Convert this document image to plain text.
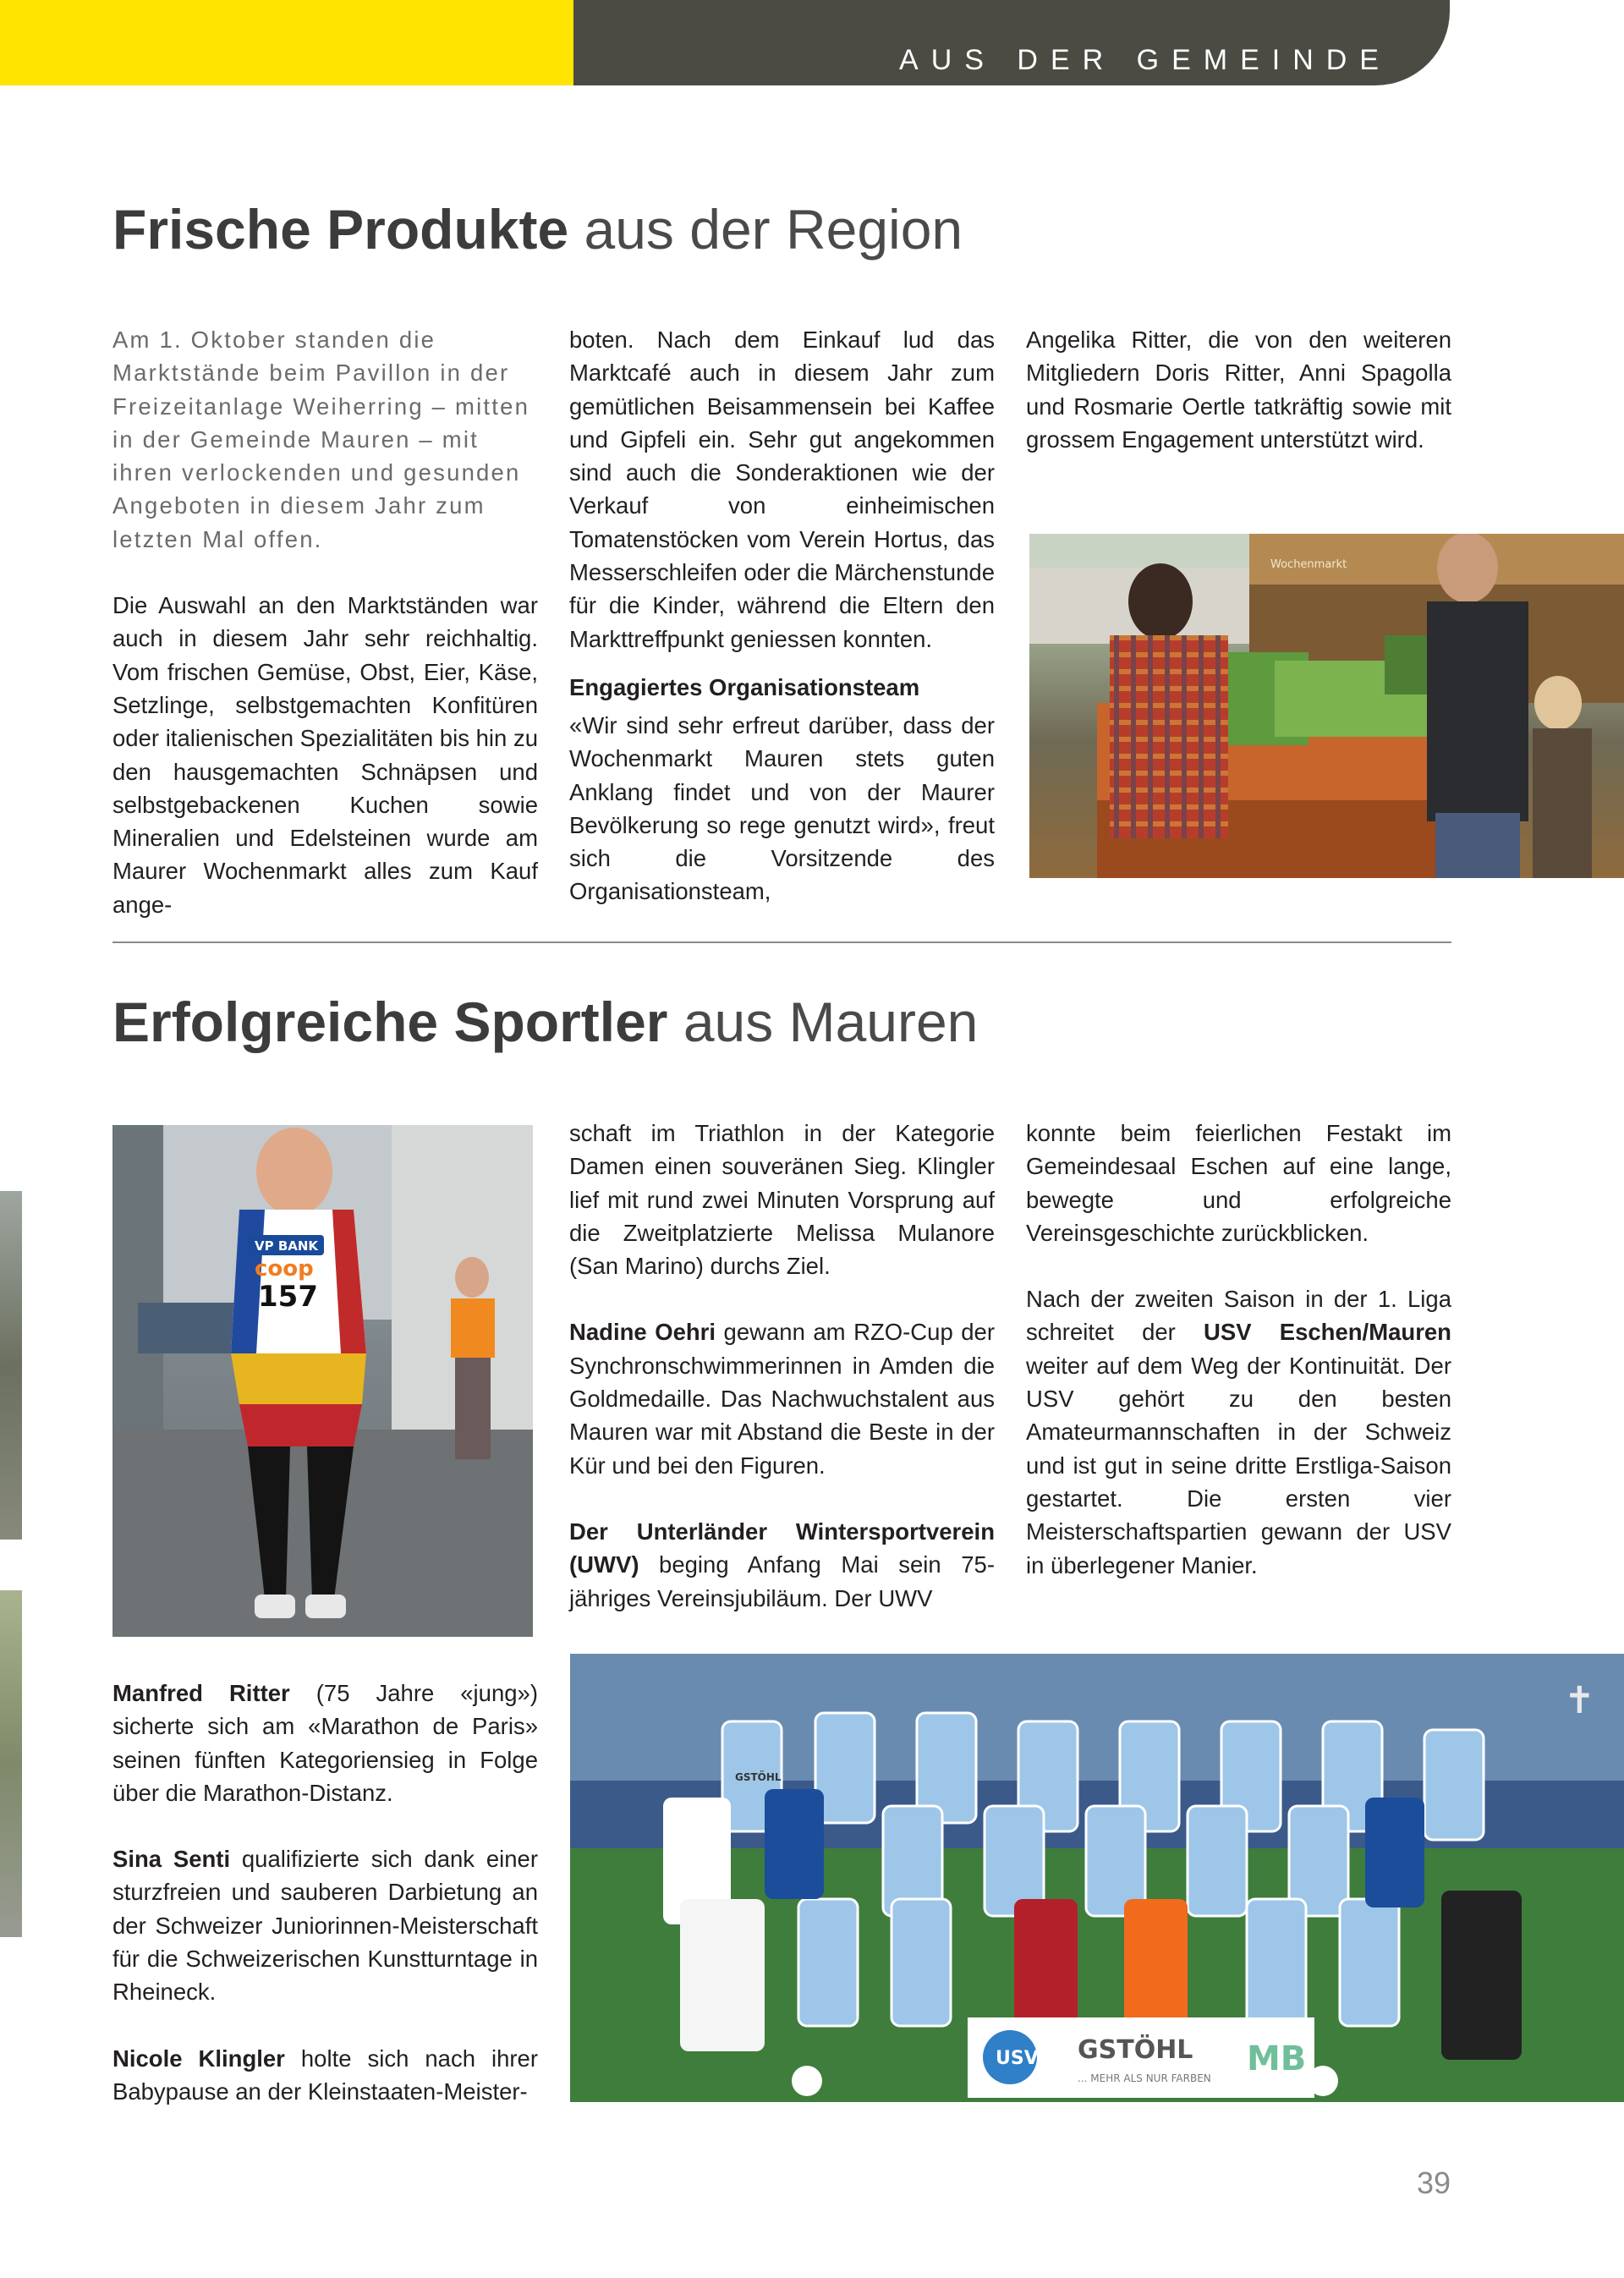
AUS DER GEMEINDE
Frische Produkte aus der Region

Am 1. Oktober standen die Marktstände beim Pavillon in der Freizeitanlage Weiherring – mitten in der Gemeinde Mauren – mit ihren verlockenden und gesunden Angeboten in diesem Jahr zum letzten Mal offen.

Die Auswahl an den Marktständen war auch in diesem Jahr sehr reichhaltig. Vom frischen Gemüse, Obst, Eier, Käse, Setzlinge, selbstgemachten Konfitüren oder italienischen Spezialitäten bis hin zu den hausgemachten Schnäpsen und selbstgebackenen Kuchen sowie Mineralien und Edelsteinen wurde am Maurer Wochenmarkt alles zum Kauf ange-

boten. Nach dem Einkauf lud das Marktcafé auch in diesem Jahr zum gemütlichen Beisammensein bei Kaffee und Gipfeli ein. Sehr gut angekommen sind auch die Sonderaktionen wie der Verkauf von einheimischen Tomatenstöcken vom Verein Hortus, das Messerschleifen oder die Märchenstunde für die Kinder, während die Eltern den Markttreffpunkt geniessen konnten.

Engagiertes Organisationsteam

«Wir sind sehr erfreut darüber, dass der Wochenmarkt Mauren stets guten Anklang findet und von der Maurer Bevölkerung so rege genutzt wird», freut sich die Vorsitzende des Organisationsteam,

Angelika Ritter, die von den weiteren Mitgliedern Doris Ritter, Anni Spagolla und Rosmarie Oertle tatkräftig sowie mit grossem Engagement unterstützt wird.

Wochenmarkt
Erfolgreiche Sportler aus Mauren
VP BANK
coop
157

schaft im Triathlon in der Kategorie Damen einen souveränen Sieg. Klingler lief mit rund zwei Minuten Vorsprung auf die Zweitplatzierte Melissa Mulanore (San Marino) durchs Ziel.

Nadine Oehri gewann am RZO-Cup der Synchronschwimmerinnen in Amden die Goldmedaille. Das Nachwuchstalent aus Mauren war mit Abstand die Beste in der Kür und bei den Figuren.

Der Unterländer Wintersportverein (UWV) beging Anfang Mai sein 75-jähriges Vereinsjubiläum. Der UWV

konnte beim feierlichen Festakt im Gemeindesaal Eschen auf eine lange, bewegte und erfolgreiche Vereinsgeschichte zurückblicken.

Nach der zweiten Saison in der 1. Liga schreitet der USV Eschen/Mauren weiter auf dem Weg der Kontinuität. Der USV gehört zu den besten Amateurmannschaften in der Schweiz und ist gut in seine dritte Erstliga-Saison gestartet. Die ersten vier Meisterschaftspartien gewann der USV in überlegener Manier.

Manfred Ritter (75 Jahre «jung») sicherte sich am «Marathon de Paris» seinen fünften Kategoriensieg in Folge über die Marathon-Distanz.

Sina Senti qualifizierte sich dank einer sturzfreien und sauberen Darbietung an der Schweizer Juniorinnen-Meisterschaft für die Schweizerischen Kunstturntage in Rheineck.

Nicole Klingler holte sich nach ihrer Babypause an der Kleinstaaten-Meister-

USV GSTÖHL
... MEHR ALS NUR FARBEN MB
GSTÖHL
✝
39
